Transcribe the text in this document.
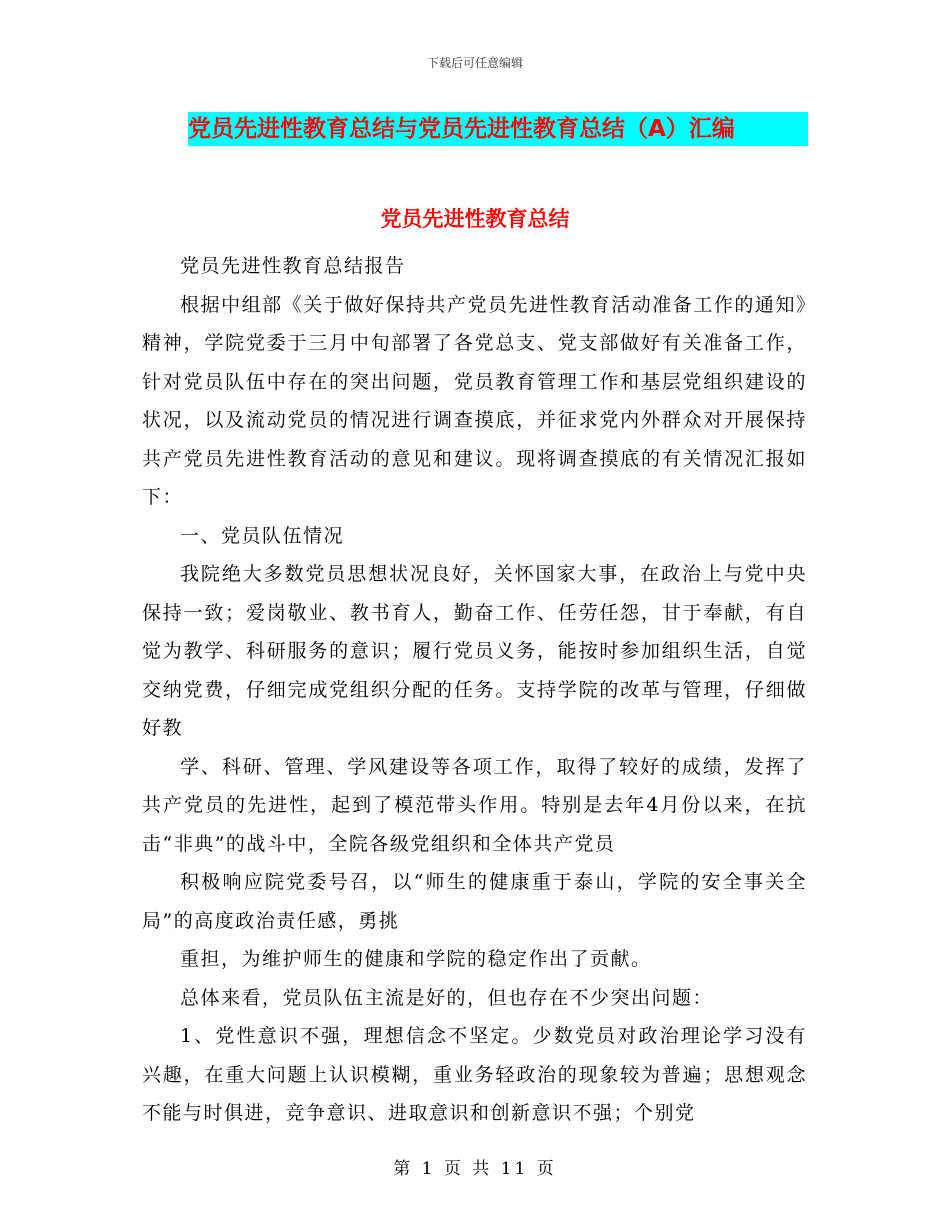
下载后可任意编辑
党员先进性教育总结与党员先进性教育总结（A）汇编
党员先进性教育总结

党员先进性教育总结报告

根据中组部《关于做好保持共产党员先进性教育活动准备工作的通知》精神，学院党委于三月中旬部署了各党总支、党支部做好有关准备工作，针对党员队伍中存在的突出问题，党员教育管理工作和基层党组织建设的状况，以及流动党员的情况进行调查摸底，并征求党内外群众对开展保持共产党员先进性教育活动的意见和建议。现将调查摸底的有关情况汇报如下：

一、党员队伍情况

我院绝大多数党员思想状况良好，关怀国家大事，在政治上与党中央保持一致；爱岗敬业、教书育人，勤奋工作、任劳任怨，甘于奉献，有自觉为教学、科研服务的意识；履行党员义务，能按时参加组织生活，自觉交纳党费，仔细完成党组织分配的任务。支持学院的改革与管理，仔细做好教

学、科研、管理、学风建设等各项工作，取得了较好的成绩，发挥了共产党员的先进性，起到了模范带头作用。特别是去年4月份以来，在抗击“非典”的战斗中，全院各级党组织和全体共产党员

积极响应院党委号召，以“师生的健康重于泰山，学院的安全事关全局”的高度政治责任感，勇挑

重担，为维护师生的健康和学院的稳定作出了贡献。

总体来看，党员队伍主流是好的，但也存在不少突出问题：

1、党性意识不强，理想信念不坚定。少数党员对政治理论学习没有兴趣，在重大问题上认识模糊，重业务轻政治的现象较为普遍；思想观念不能与时俱进，竞争意识、进取意识和创新意识不强；个别党

第 1 页 共 11 页
